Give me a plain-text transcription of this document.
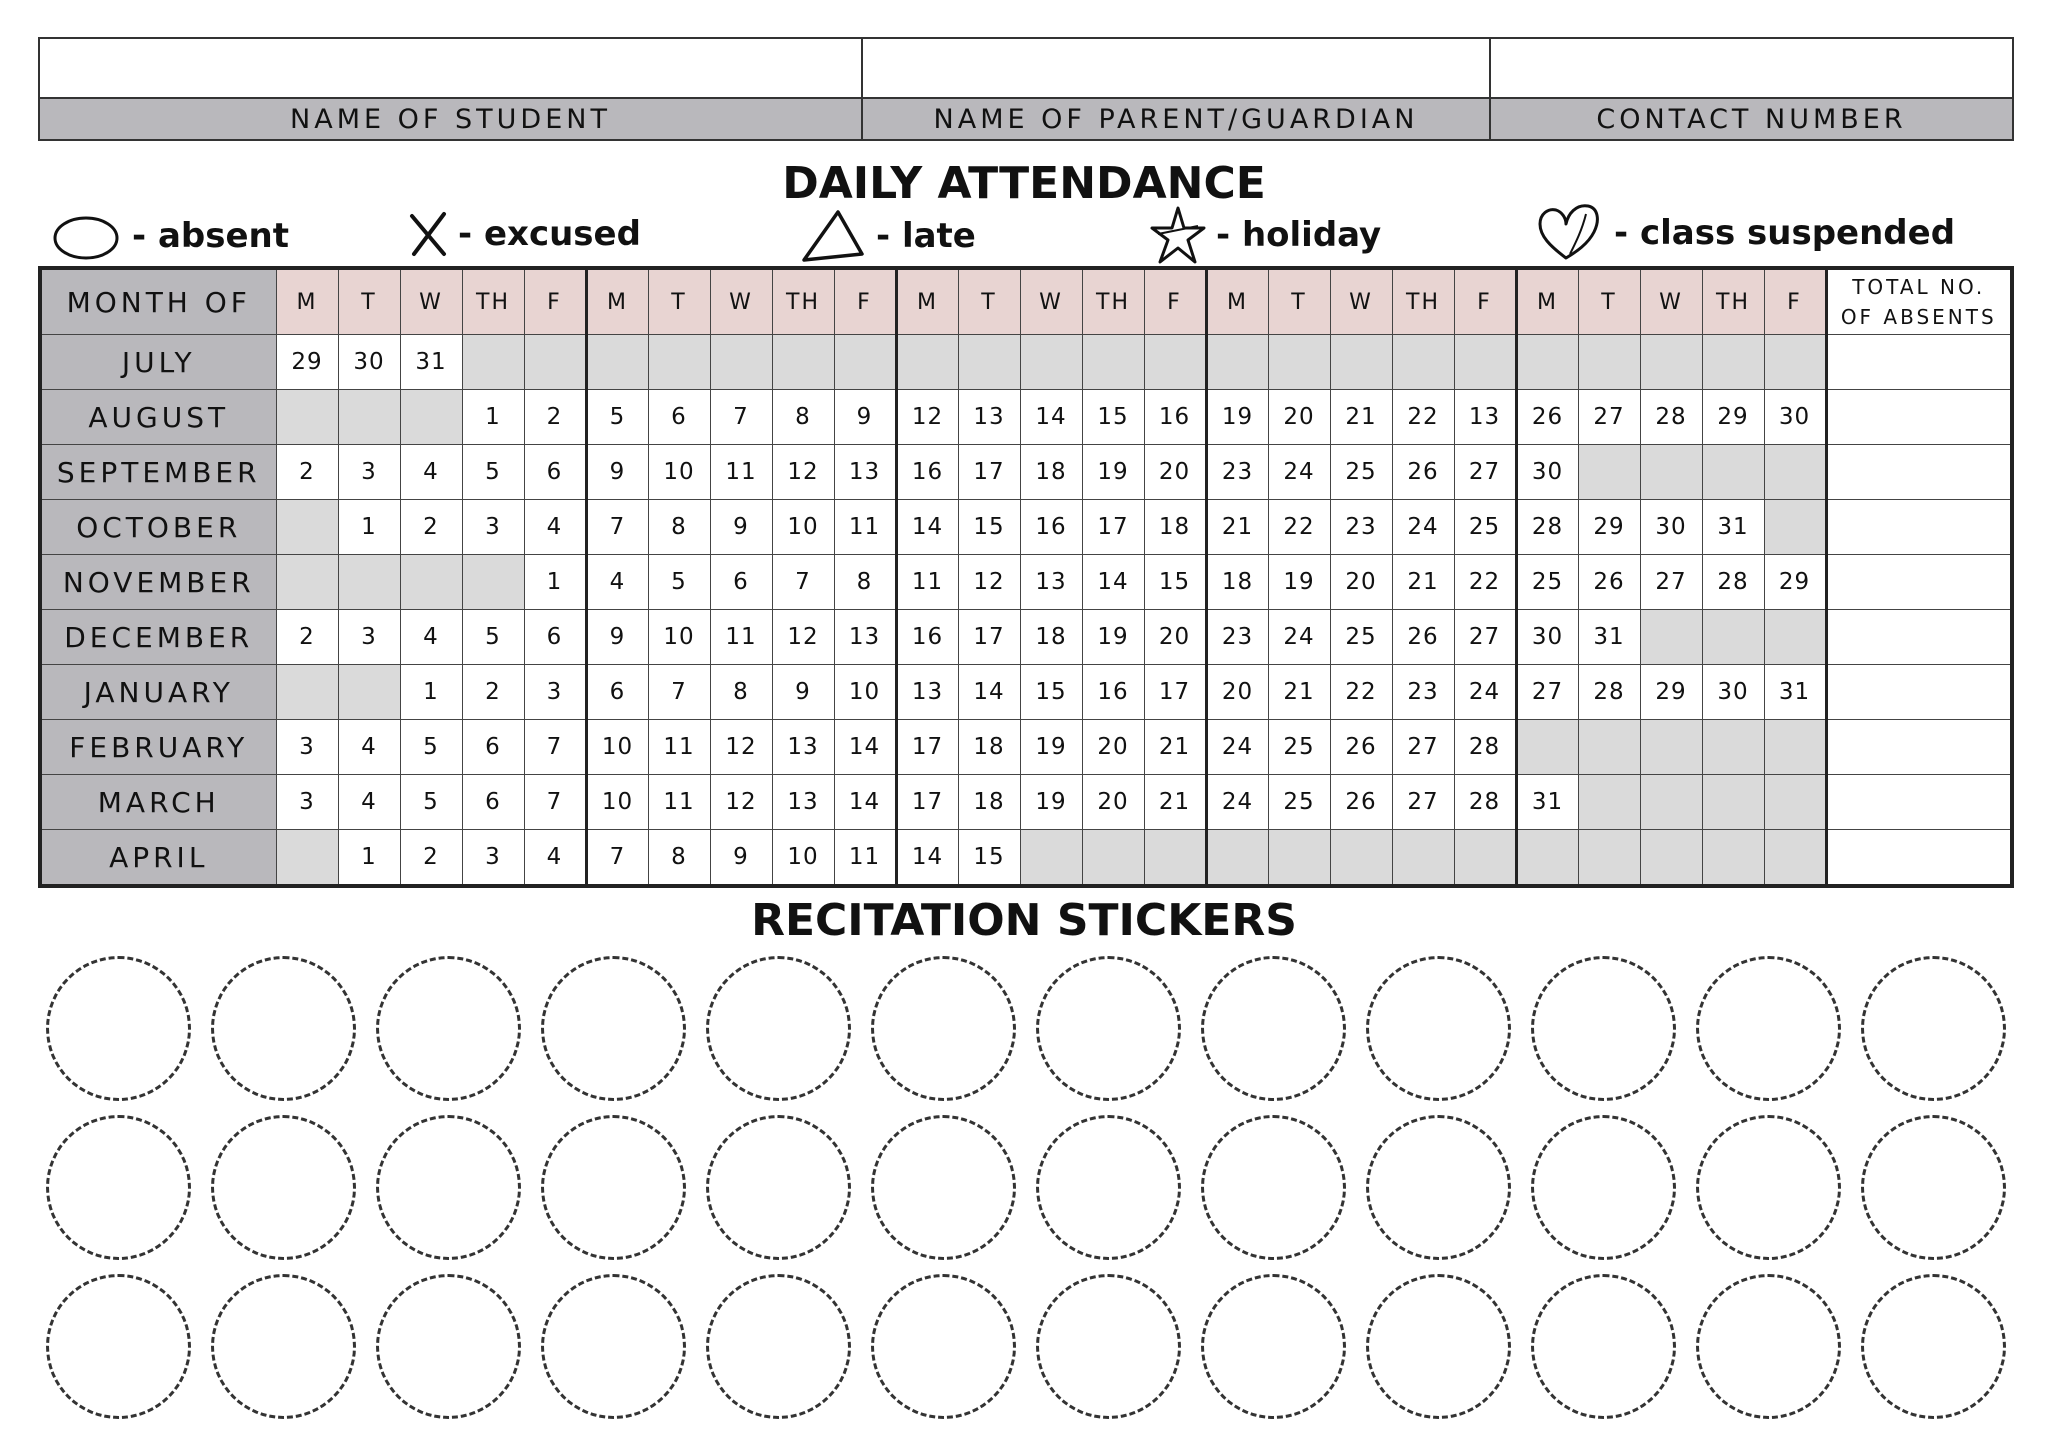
NAME OF STUDENT	NAME OF PARENT/GUARDIAN	CONTACT NUMBER
DAILY ATTENDANCE
- absent	- excused	- late	- holiday	- class suspended
MONTH OF	M	T	W	TH	F	M	T	W	TH	F	M	T	W	TH	F	M	T	W	TH	F	M	T	W	TH	F	TOTAL NO.
OF ABSENTS

JULY	29	30	31																							
AUGUST				1	2	5	6	7	8	9	12	13	14	15	16	19	20	21	22	13	26	27	28	29	30	
SEPTEMBER	2	3	4	5	6	9	10	11	12	13	16	17	18	19	20	23	24	25	26	27	30					
OCTOBER		1	2	3	4	7	8	9	10	11	14	15	16	17	18	21	22	23	24	25	28	29	30	31		
NOVEMBER					1	4	5	6	7	8	11	12	13	14	15	18	19	20	21	22	25	26	27	28	29	
DECEMBER	2	3	4	5	6	9	10	11	12	13	16	17	18	19	20	23	24	25	26	27	30	31				
JANUARY			1	2	3	6	7	8	9	10	13	14	15	16	17	20	21	22	23	24	27	28	29	30	31	
FEBRUARY	3	4	5	6	7	10	11	12	13	14	17	18	19	20	21	24	25	26	27	28						
MARCH	3	4	5	6	7	10	11	12	13	14	17	18	19	20	21	24	25	26	27	28	31					
APRIL		1	2	3	4	7	8	9	10	11	14	15														
RECITATION STICKERS
